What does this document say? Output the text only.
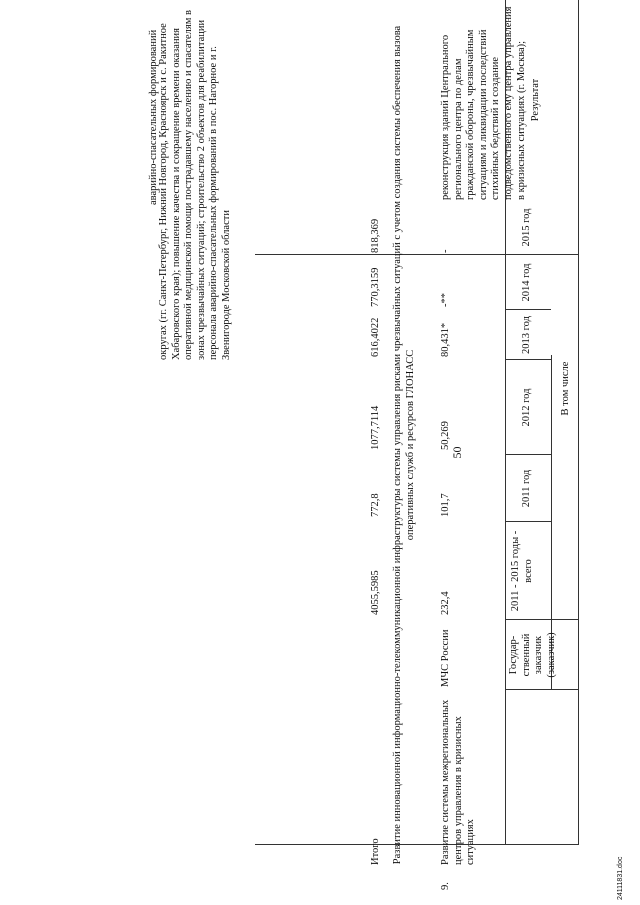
50
Государ-ственный заказчик (заказчик)
2011 - 2015 годы - всего
В том числе
2011 год
2012 год
2013 год
2014 год
2015 год
Результат
аварийно-спасательных формирований округах (гг. Санкт-Петербург, Нижний Новгород, Красноярск и с. Ракитное Хабаровского края); повышение качества и сокращение времени оказания оперативной медицинской помощи пострадавшему населению и спасателям в зонах чрезвычайных ситуаций; строительство 2 объектов для реабилитации персонала аварийно-спасательных формирований в пос. Нагорное и г. Звенигороде Московской области
Итого
4055,5985
772,8
1077,7114
616,4022
770,3159
818,369 Развитие инновационной информационно-телекоммуникационной инфраструктуры системы управления рисками чрезвычайных ситуаций с учетом создания системы обеспечения вызова оперативных служб и ресурсов ГЛОНАСС
9.
Развитие системы межрегиональных центров управления в кризисных ситуациях
МЧС России
232,4
101,7
50,269
80,431*
-**
-
реконструкция зданий Центрального регионального центра по делам гражданской обороны, чрезвычайным ситуациям и ликвидации последствий стихийных бедствий и создание подведомственного ему центра управления в кризисных ситуациях (г. Москва);
24111831.doc
